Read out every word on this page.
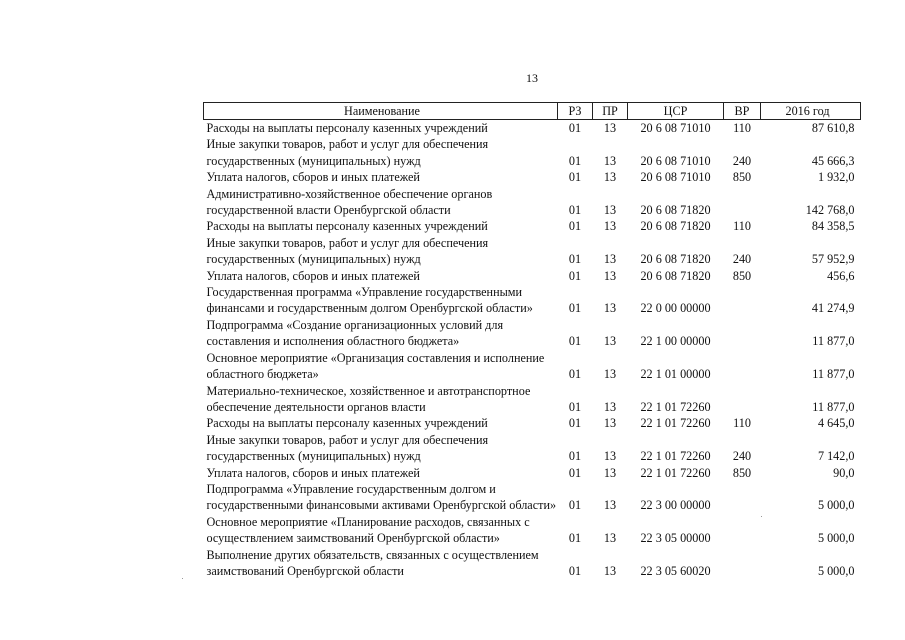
13
Наименование	РЗ	ПР	ЦСР	ВР	2016 год
Расходы на выплаты персоналу казенных учреждений	01	13	20 6 08 71010	110	87 610,8
Иные закупки товаров, работ и услуг для обеспечения государственных (муниципальных) нужд	01	13	20 6 08 71010	240	45 666,3
Уплата налогов, сборов и иных платежей	01	13	20 6 08 71010	850	1 932,0
Административно-хозяйственное обеспечение органов государственной власти Оренбургской области	01	13	20 6 08 71820		142 768,0
Расходы на выплаты персоналу казенных учреждений	01	13	20 6 08 71820	110	84 358,5
Иные закупки товаров, работ и услуг для обеспечения государственных (муниципальных) нужд	01	13	20 6 08 71820	240	57 952,9
Уплата налогов, сборов и иных платежей	01	13	20 6 08 71820	850	456,6
Государственная программа «Управление государственными финансами и государственным долгом Оренбургской области»	01	13	22 0 00 00000		41 274,9
Подпрограмма «Создание организационных условий для составления и исполнения областного бюджета»	01	13	22 1 00 00000		11 877,0
Основное мероприятие «Организация составления и исполнение областного бюджета»	01	13	22 1 01 00000		11 877,0
Материально-техническое, хозяйственное и автотранспортное обеспечение деятельности органов власти	01	13	22 1 01 72260		11 877,0
Расходы на выплаты персоналу казенных учреждений	01	13	22 1 01 72260	110	4 645,0
Иные закупки товаров, работ и услуг для обеспечения государственных (муниципальных) нужд	01	13	22 1 01 72260	240	7 142,0
Уплата налогов, сборов и иных платежей	01	13	22 1 01 72260	850	90,0
Подпрограмма «Управление государственным долгом и государственными финансовыми активами Оренбургской области»	01	13	22 3 00 00000		5 000,0
Основное мероприятие «Планирование расходов, связанных с осуществлением заимствований Оренбургской области»	01	13	22 3 05 00000		5 000,0
Выполнение других обязательств, связанных с осуществлением заимствований Оренбургской области	01	13	22 3 05 60020		5 000,0
